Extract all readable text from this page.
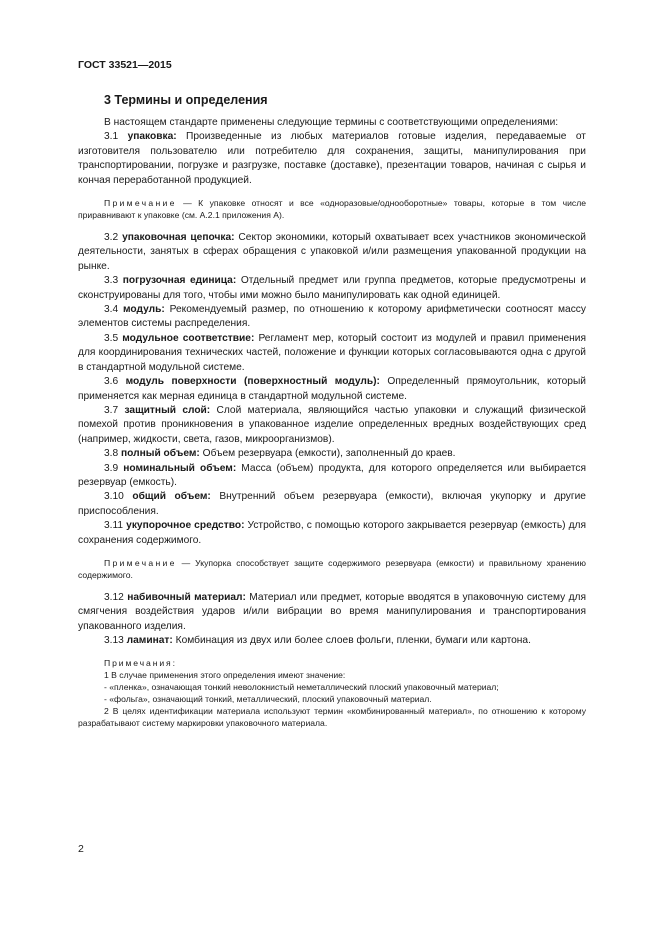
ГОСТ 33521—2015
3 Термины и определения

В настоящем стандарте применены следующие термины с соответствующими определениями:

3.1 упаковка: Произведенные из любых материалов готовые изделия, передаваемые от изготовителя пользователю или потребителю для сохранения, защиты, манипулирования при транспортировании, погрузке и разгрузке, поставке (доставке), презентации товаров, начиная с сырья и кончая переработанной продукцией.

Примечание — К упаковке относят и все «одноразовые/однооборотные» товары, которые в том числе приравнивают к упаковке (см. А.2.1 приложения А).

3.2 упаковочная цепочка: Сектор экономики, который охватывает всех участников экономической деятельности, занятых в сферах обращения с упаковкой и/или размещения упакованной продукции на рынке.

3.3 погрузочная единица: Отдельный предмет или группа предметов, которые предусмотрены и сконструированы для того, чтобы ими можно было манипулировать как одной единицей.

3.4 модуль: Рекомендуемый размер, по отношению к которому арифметически соотносят массу элементов системы распределения.

3.5 модульное соответствие: Регламент мер, который состоит из модулей и правил применения для координирования технических частей, положение и функции которых согласовываются одна с другой в стандартной модульной системе.

3.6 модуль поверхности (поверхностный модуль): Определенный прямоугольник, который применяется как мерная единица в стандартной модульной системе.

3.7 защитный слой: Слой материала, являющийся частью упаковки и служащий физической помехой против проникновения в упакованное изделие определенных вредных воздействующих сред (например, жидкости, света, газов, микроорганизмов).

3.8 полный объем: Объем резервуара (емкости), заполненный до краев.

3.9 номинальный объем: Масса (объем) продукта, для которого определяется или выбирается резервуар (емкость).

3.10 общий объем: Внутренний объем резервуара (емкости), включая укупорку и другие приспособления.

3.11 укупорочное средство: Устройство, с помощью которого закрывается резервуар (емкость) для сохранения содержимого.

Примечание — Укупорка способствует защите содержимого резервуара (емкости) и правильному хранению содержимого.

3.12 набивочный материал: Материал или предмет, которые вводятся в упаковочную систему для смягчения воздействия ударов и/или вибрации во время манипулирования и транспортирования упакованного изделия.

3.13 ламинат: Комбинация из двух или более слоев фольги, пленки, бумаги или картона.

Примечания:

1 В случае применения этого определения имеют значение:

- «пленка», означающая тонкий неволокнистый неметаллический плоский упаковочный материал;

- «фольга», означающий тонкий, металлический, плоский упаковочный материал.

2 В целях идентификации материала используют термин «комбинированный материал», по отношению к которому разрабатывают систему маркировки упаковочного материала.

2
